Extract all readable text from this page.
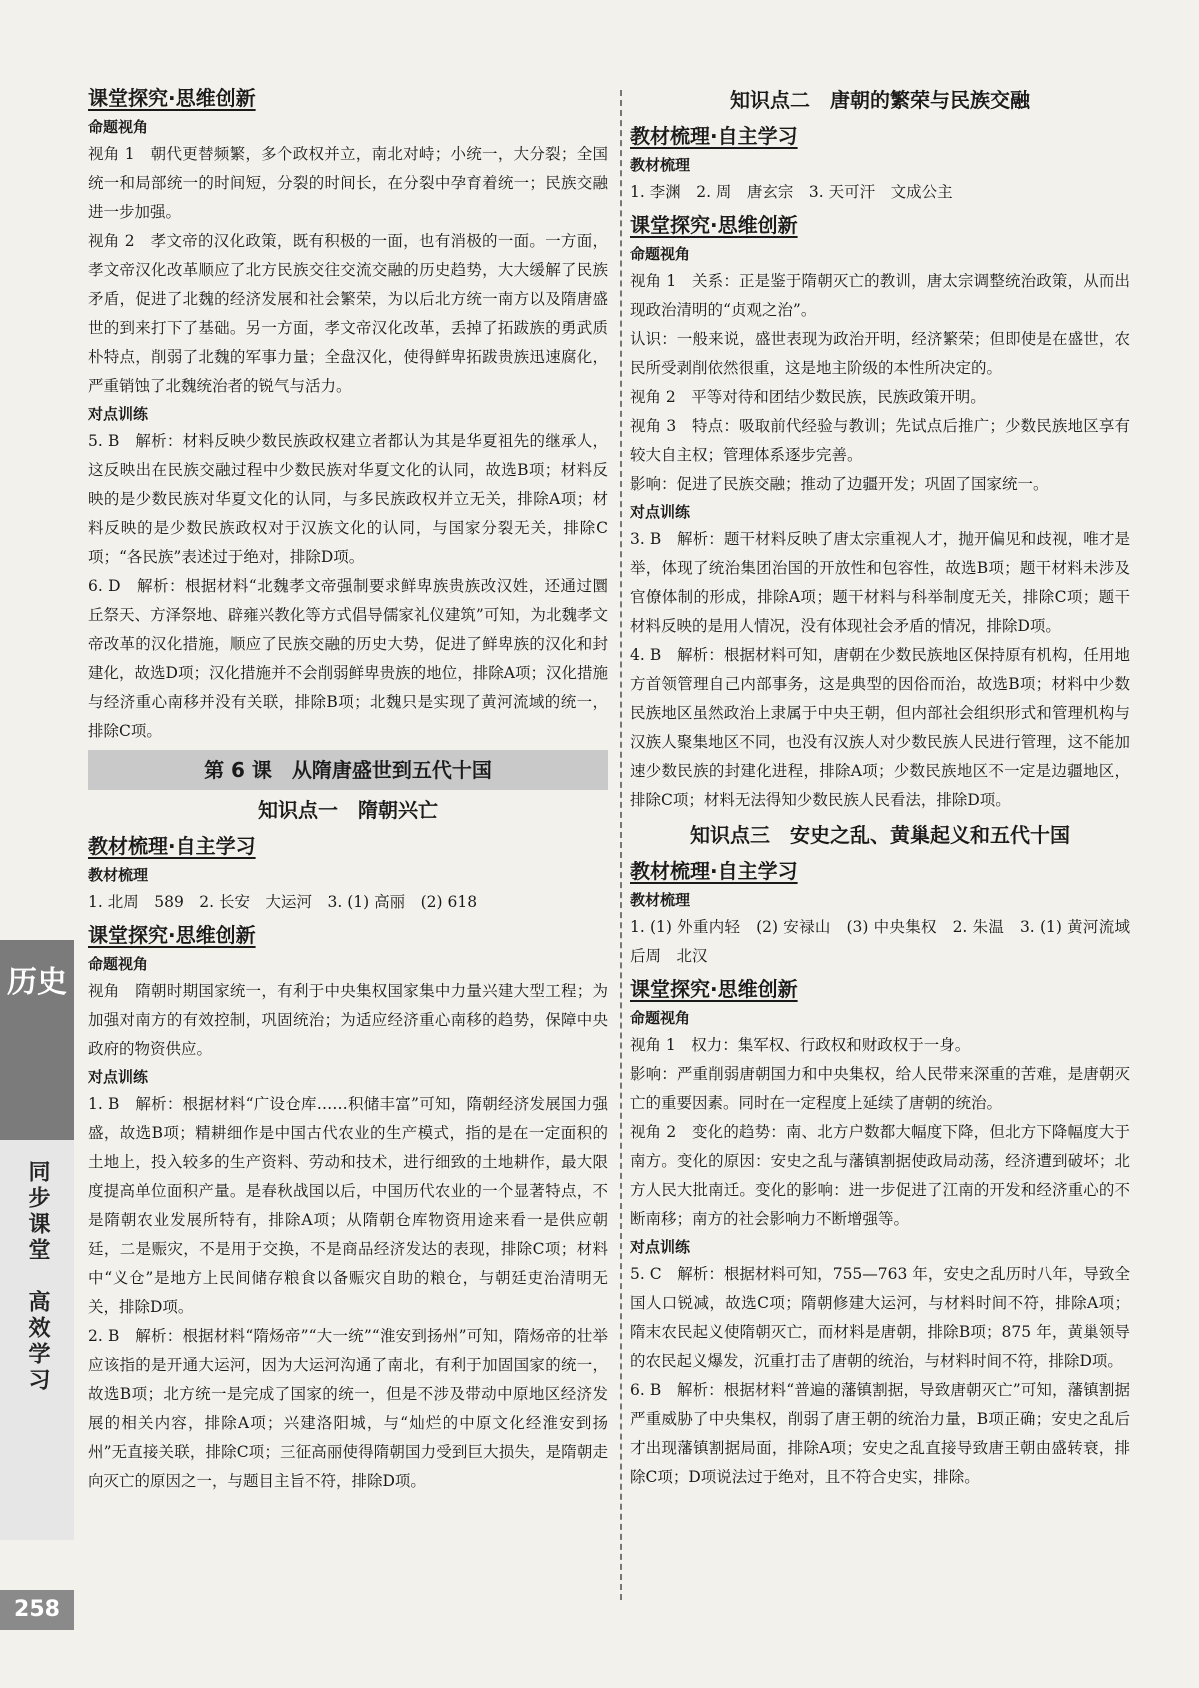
课堂探究·思维创新
命题视角

视角 1　朝代更替频繁，多个政权并立，南北对峙；小统一，大分裂；全国统一和局部统一的时间短，分裂的时间长，在分裂中孕育着统一；民族交融进一步加强。

视角 2　孝文帝的汉化政策，既有积极的一面，也有消极的一面。一方面，孝文帝汉化改革顺应了北方民族交往交流交融的历史趋势，大大缓解了民族矛盾，促进了北魏的经济发展和社会繁荣，为以后北方统一南方以及隋唐盛世的到来打下了基础。另一方面，孝文帝汉化改革，丢掉了拓跋族的勇武质朴特点，削弱了北魏的军事力量；全盘汉化，使得鲜卑拓跋贵族迅速腐化，严重销蚀了北魏统治者的锐气与活力。

对点训练

5. B　解析：材料反映少数民族政权建立者都认为其是华夏祖先的继承人，这反映出在民族交融过程中少数民族对华夏文化的认同，故选B项；材料反映的是少数民族对华夏文化的认同，与多民族政权并立无关，排除A项；材料反映的是少数民族政权对于汉族文化的认同，与国家分裂无关，排除C项；“各民族”表述过于绝对，排除D项。

6. D　解析：根据材料“北魏孝文帝强制要求鲜卑族贵族改汉姓，还通过圜丘祭天、方泽祭地、辟雍兴教化等方式倡导儒家礼仪建筑”可知，为北魏孝文帝改革的汉化措施，顺应了民族交融的历史大势，促进了鲜卑族的汉化和封建化，故选D项；汉化措施并不会削弱鲜卑贵族的地位，排除A项；汉化措施与经济重心南移并没有关联，排除B项；北魏只是实现了黄河流域的统一，排除C项。

第 6 课　从隋唐盛世到五代十国
知识点一　隋朝兴亡
教材梳理·自主学习
教材梳理

1. 北周　589　2. 长安　大运河　3. (1) 高丽　(2) 618

课堂探究·思维创新
命题视角

视角　隋朝时期国家统一，有利于中央集权国家集中力量兴建大型工程；为加强对南方的有效控制，巩固统治；为适应经济重心南移的趋势，保障中央政府的物资供应。

对点训练

1. B　解析：根据材料“广设仓库……积储丰富”可知，隋朝经济发展国力强盛，故选B项；精耕细作是中国古代农业的生产模式，指的是在一定面积的土地上，投入较多的生产资料、劳动和技术，进行细致的土地耕作，最大限度提高单位面积产量。是春秋战国以后，中国历代农业的一个显著特点，不是隋朝农业发展所特有，排除A项；从隋朝仓库物资用途来看一是供应朝廷，二是赈灾，不是用于交换，不是商品经济发达的表现，排除C项；材料中“义仓”是地方上民间储存粮食以备赈灾自助的粮仓，与朝廷吏治清明无关，排除D项。

2. B　解析：根据材料“隋炀帝”“大一统”“淮安到扬州”可知，隋炀帝的壮举应该指的是开通大运河，因为大运河沟通了南北，有利于加固国家的统一，故选B项；北方统一是完成了国家的统一，但是不涉及带动中原地区经济发展的相关内容，排除A项；兴建洛阳城，与“灿烂的中原文化经淮安到扬州”无直接关联，排除C项；三征高丽使得隋朝国力受到巨大损失，是隋朝走向灭亡的原因之一，与题目主旨不符，排除D项。

知识点二　唐朝的繁荣与民族交融
教材梳理·自主学习
教材梳理

1. 李渊　2. 周　唐玄宗　3. 天可汗　文成公主

课堂探究·思维创新
命题视角

视角 1　关系：正是鉴于隋朝灭亡的教训，唐太宗调整统治政策，从而出现政治清明的“贞观之治”。

认识：一般来说，盛世表现为政治开明，经济繁荣；但即使是在盛世，农民所受剥削依然很重，这是地主阶级的本性所决定的。

视角 2　平等对待和团结少数民族，民族政策开明。

视角 3　特点：吸取前代经验与教训；先试点后推广；少数民族地区享有较大自主权；管理体系逐步完善。

影响：促进了民族交融；推动了边疆开发；巩固了国家统一。

对点训练

3. B　解析：题干材料反映了唐太宗重视人才，抛开偏见和歧视，唯才是举，体现了统治集团治国的开放性和包容性，故选B项；题干材料未涉及官僚体制的形成，排除A项；题干材料与科举制度无关，排除C项；题干材料反映的是用人情况，没有体现社会矛盾的情况，排除D项。

4. B　解析：根据材料可知，唐朝在少数民族地区保持原有机构，任用地方首领管理自己内部事务，这是典型的因俗而治，故选B项；材料中少数民族地区虽然政治上隶属于中央王朝，但内部社会组织形式和管理机构与汉族人聚集地区不同，也没有汉族人对少数民族人民进行管理，这不能加速少数民族的封建化进程，排除A项；少数民族地区不一定是边疆地区，排除C项；材料无法得知少数民族人民看法，排除D项。

知识点三　安史之乱、黄巢起义和五代十国
教材梳理·自主学习
教材梳理

1. (1) 外重内轻　(2) 安禄山　(3) 中央集权　2. 朱温　3. (1) 黄河流域　后周　北汉

课堂探究·思维创新
命题视角

视角 1　权力：集军权、行政权和财政权于一身。

影响：严重削弱唐朝国力和中央集权，给人民带来深重的苦难，是唐朝灭亡的重要因素。同时在一定程度上延续了唐朝的统治。

视角 2　变化的趋势：南、北方户数都大幅度下降，但北方下降幅度大于南方。变化的原因：安史之乱与藩镇割据使政局动荡，经济遭到破坏；北方人民大批南迁。变化的影响：进一步促进了江南的开发和经济重心的不断南移；南方的社会影响力不断增强等。

对点训练

5. C　解析：根据材料可知，755—763 年，安史之乱历时八年，导致全国人口锐减，故选C项；隋朝修建大运河，与材料时间不符，排除A项；隋末农民起义使隋朝灭亡，而材料是唐朝，排除B项；875 年，黄巢领导的农民起义爆发，沉重打击了唐朝的统治，与材料时间不符，排除D项。

6. B　解析：根据材料“普遍的藩镇割据，导致唐朝灭亡”可知，藩镇割据严重威胁了中央集权，削弱了唐王朝的统治力量，B项正确；安史之乱后才出现藩镇割据局面，排除A项；安史之乱直接导致唐王朝由盛转衰，排除C项；D项说法过于绝对，且不符合史实，排除。

历史
同步课堂　高效学习
258
